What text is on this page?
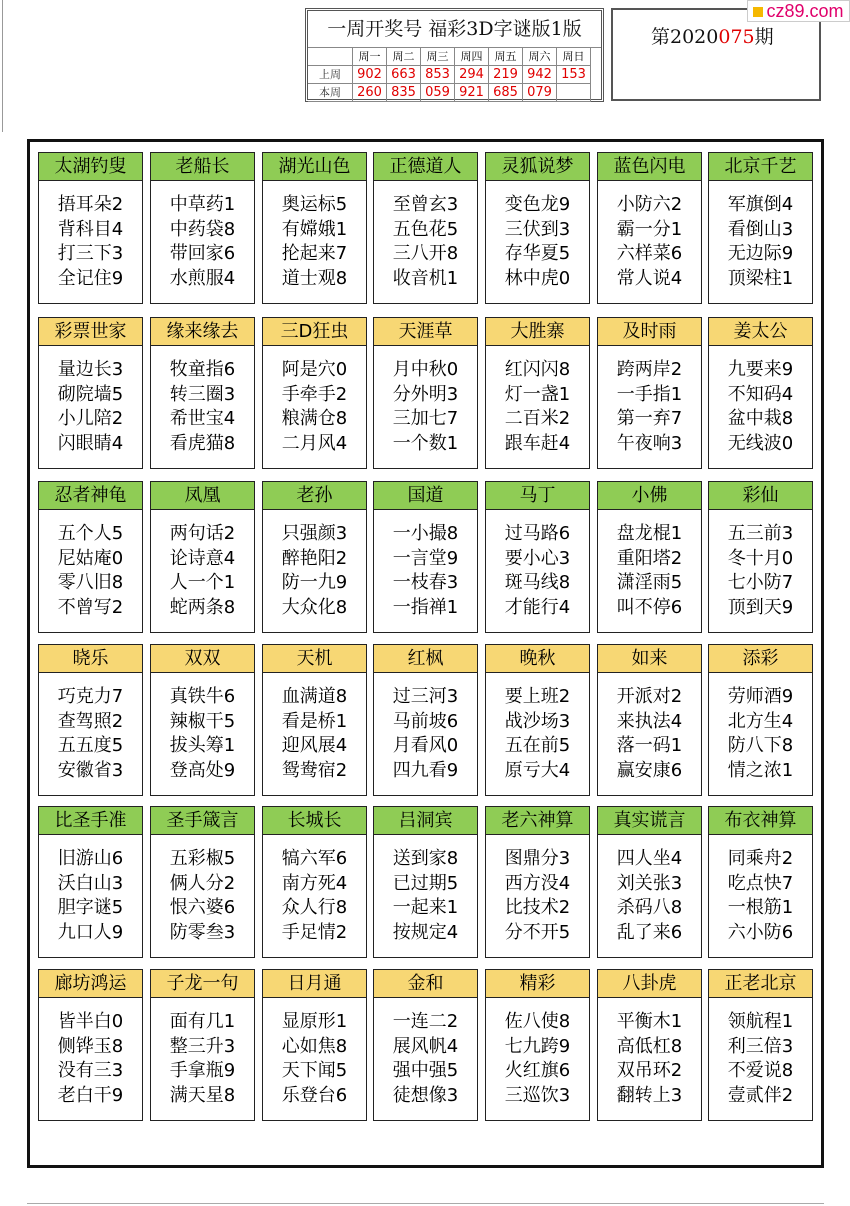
一周开奖号 福彩3D字谜版1版
周一	周二	周三	周四	周五	周六	周日
上周	902 663 853 294 219 942 153
本周	260 835 059 921 685 079
第2020075期
cz89.com
太湖钓叟
捂耳朵2
背科目4
打三下3
全记住9
老船长
中草药1
中药袋8
带回家6
水煎服4
湖光山色
奥运标5
有嫦娥1
抡起来7
道士观8
正德道人
至曾玄3
五色花5
三八开8
收音机1
灵狐说梦
变色龙9
三伏到3
存华夏5
林中虎0
蓝色闪电
小防六2
霸一分1
六样菜6
常人说4
北京千艺
军旗倒4
看倒山3
无边际9
顶梁柱1
彩票世家
量边长3
砌院墙5
小儿陪2
闪眼睛4
缘来缘去
牧童指6
转三圈3
希世宝4
看虎猫8
三D狂虫
阿是穴0
手牵手2
粮满仓8
二月风4
天涯草
月中秋0
分外明3
三加七7
一个数1
大胜寨
红闪闪8
灯一盏1
二百米2
跟车赶4
及时雨
跨两岸2
一手指1
第一弃7
午夜响3
姜太公
九要来9
不知码4
盆中栽8
无线波0
忍者神龟
五个人5
尼姑庵0
零八旧8
不曾写2
凤凰
两句话2
论诗意4
人一个1
蛇两条8
老孙
只强颜3
醉艳阳2
防一九9
大众化8
国道
一小撮8
一言堂9
一枝春3
一指禅1
马丁
过马路6
要小心3
斑马线8
才能行4
小佛
盘龙棍1
重阳塔2
潇淫雨5
叫不停6
彩仙
五三前3
冬十月0
七小防7
顶到天9
晓乐
巧克力7
查驾照2
五五度5
安徽省3
双双
真铁牛6
辣椒干5
拔头筹1
登高处9
天机
血满道8
看是桥1
迎风展4
鸳鸯宿2
红枫
过三河3
马前坡6
月看风0
四九看9
晚秋
要上班2
战沙场3
五在前5
原亏大4
如来
开派对2
来执法4
落一码1
赢安康6
添彩
劳师酒9
北方生4
防八下8
情之浓1
比圣手准
旧游山6
沃白山3
胆字谜5
九口人9
圣手箴言
五彩椒5
俩人分2
恨六婆6
防零叁3
长城长
犒六军6
南方死4
众人行8
手足情2
吕洞宾
送到家8
已过期5
一起来1
按规定4
老六神算
图鼎分3
西方没4
比技术2
分不开5
真实谎言
四人坐4
刘关张3
杀码八8
乱了来6
布衣神算
同乘舟2
吃点快7
一根筋1
六小防6
廊坊鸿运
皆半白0
侧铧玉8
没有三3
老白干9
子龙一句
面有几1
整三升3
手拿瓶9
满天星8
日月通
显原形1
心如焦8
天下闻5
乐登台6
金和
一连二2
展风帆4
强中强5
徒想像3
精彩
佐八使8
七九跨9
火红旗6
三巡饮3
八卦虎
平衡木1
高低杠8
双吊环2
翻转上3
正老北京
领航程1
利三倍3
不爱说8
壹贰伴2
